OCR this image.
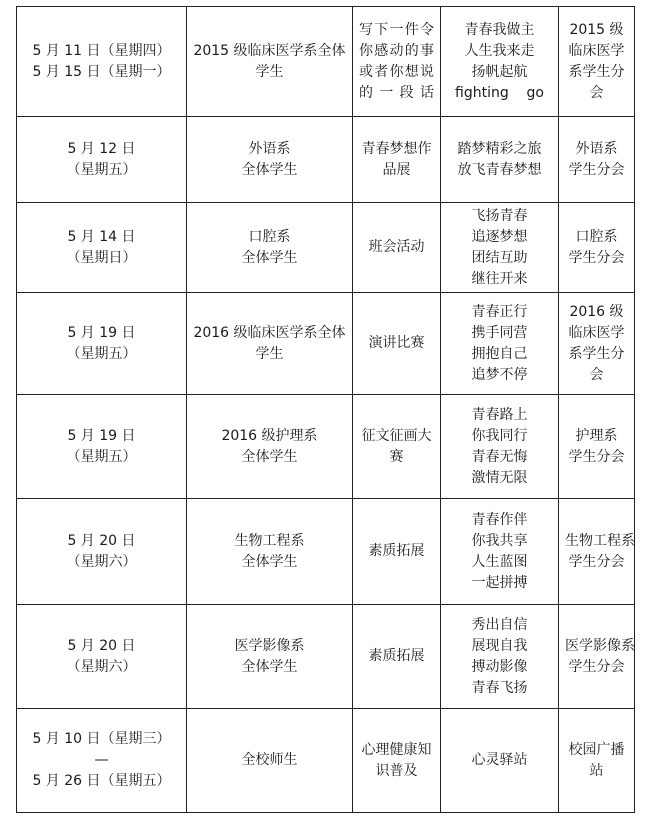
5 月 11 日（星期四）
5 月 15 日（星期一）	2015 级临床医学系全体学生	写下一件令你感动的事或者你想说的一段话	青春我做主
人生我来走
扬帆起航
fighting    go	2015 级临床医学系学生分会

5 月 12 日
（星期五）	外语系
全体学生	青春梦想作品展	踏梦精彩之旅
放飞青春梦想	外语系
学生分会

5 月 14 日
（星期日）	口腔系
全体学生	班会活动	飞扬青春
追逐梦想
团结互助
继往开来	口腔系
学生分会

5 月 19 日
（星期五）	2016 级临床医学系全体学生	演讲比赛	青春正行
携手同营
拥抱自己
追梦不停	2016 级临床医学系学生分会

5 月 19 日
（星期五）	2016 级护理系
全体学生	征文征画大赛	青春路上
你我同行
青春无悔
激情无限	护理系
学生分会

5 月 20 日
（星期六）	生物工程系
全体学生	素质拓展	青春作伴
你我共享
人生蓝图
一起拼搏	生物工程系
学生分会

5 月 20 日
（星期六）	医学影像系
全体学生	素质拓展	秀出自信
展现自我
搏动影像
青春飞扬	医学影像系
学生分会

5 月 10 日（星期三）
—
5 月 26 日（星期五）	全校师生	心理健康知识普及	心灵驿站	校园广播站
